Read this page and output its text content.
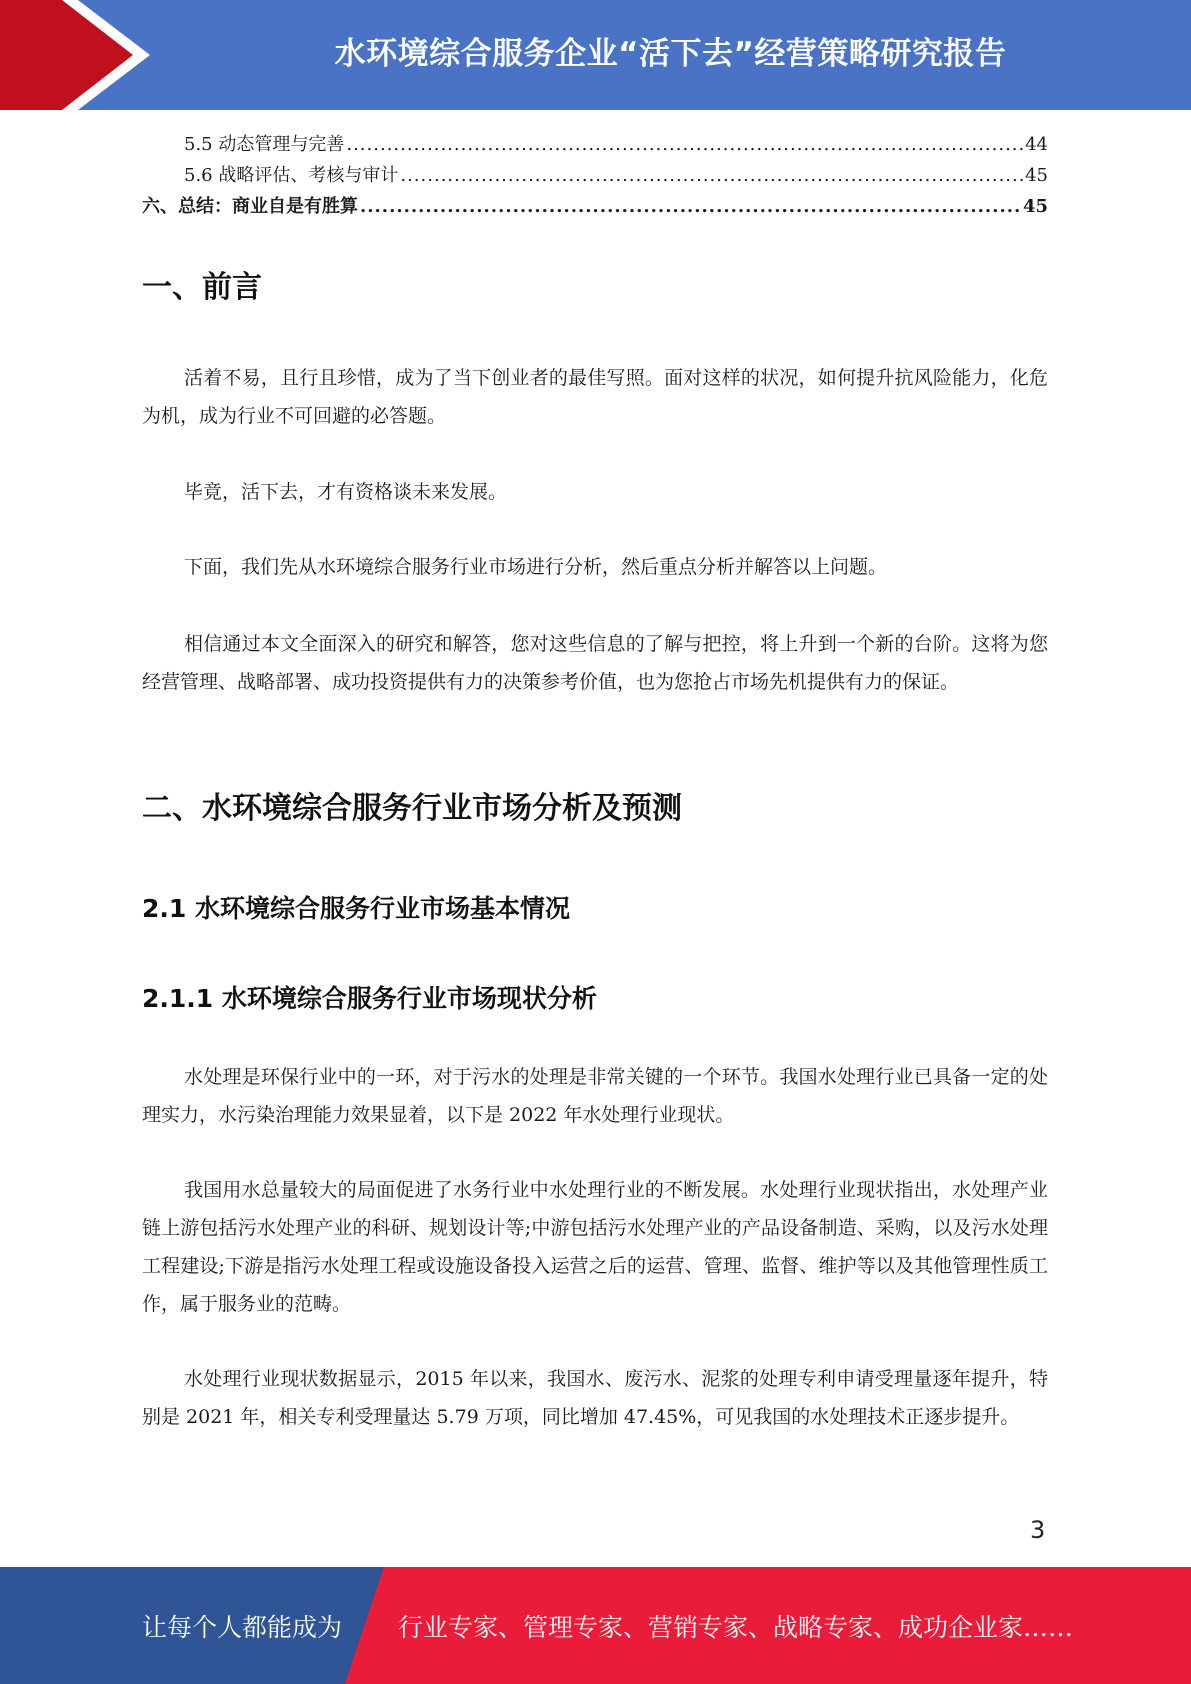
水环境综合服务企业“活下去”经营策略研究报告
5.5 动态管理与完善 .....	44
5.6 战略评估、考核与审计 .....	45
六、总结：商业自是有胜算 .....	45
一、前言

活着不易，且行且珍惜，成为了当下创业者的最佳写照。面对这样的状况，如何提升抗风险能力，化危为机，成为行业不可回避的必答题。

毕竟，活下去，才有资格谈未来发展。

下面，我们先从水环境综合服务行业市场进行分析，然后重点分析并解答以上问题。

相信通过本文全面深入的研究和解答，您对这些信息的了解与把控，将上升到一个新的台阶。这将为您经营管理、战略部署、成功投资提供有力的决策参考价值，也为您抢占市场先机提供有力的保证。

二、水环境综合服务行业市场分析及预测
2.1 水环境综合服务行业市场基本情况
2.1.1 水环境综合服务行业市场现状分析

水处理是环保行业中的一环，对于污水的处理是非常关键的一个环节。我国水处理行业已具备一定的处理实力，水污染治理能力效果显着，以下是 2022 年水处理行业现状。

我国用水总量较大的局面促进了水务行业中水处理行业的不断发展。水处理行业现状指出，水处理产业链上游包括污水处理产业的科研、规划设计等;中游包括污水处理产业的产品设备制造、采购，以及污水处理工程建设;下游是指污水处理工程或设施设备投入运营之后的运营、管理、监督、维护等以及其他管理性质工作，属于服务业的范畴。

水处理行业现状数据显示，2015 年以来，我国水、废污水、泥浆的处理专利申请受理量逐年提升，特别是 2021 年，相关专利受理量达 5.79 万项，同比增加 47.45%，可见我国的水处理技术正逐步提升。

3
让每个人都能成为 行业专家、管理专家、营销专家、战略专家、成功企业家……
